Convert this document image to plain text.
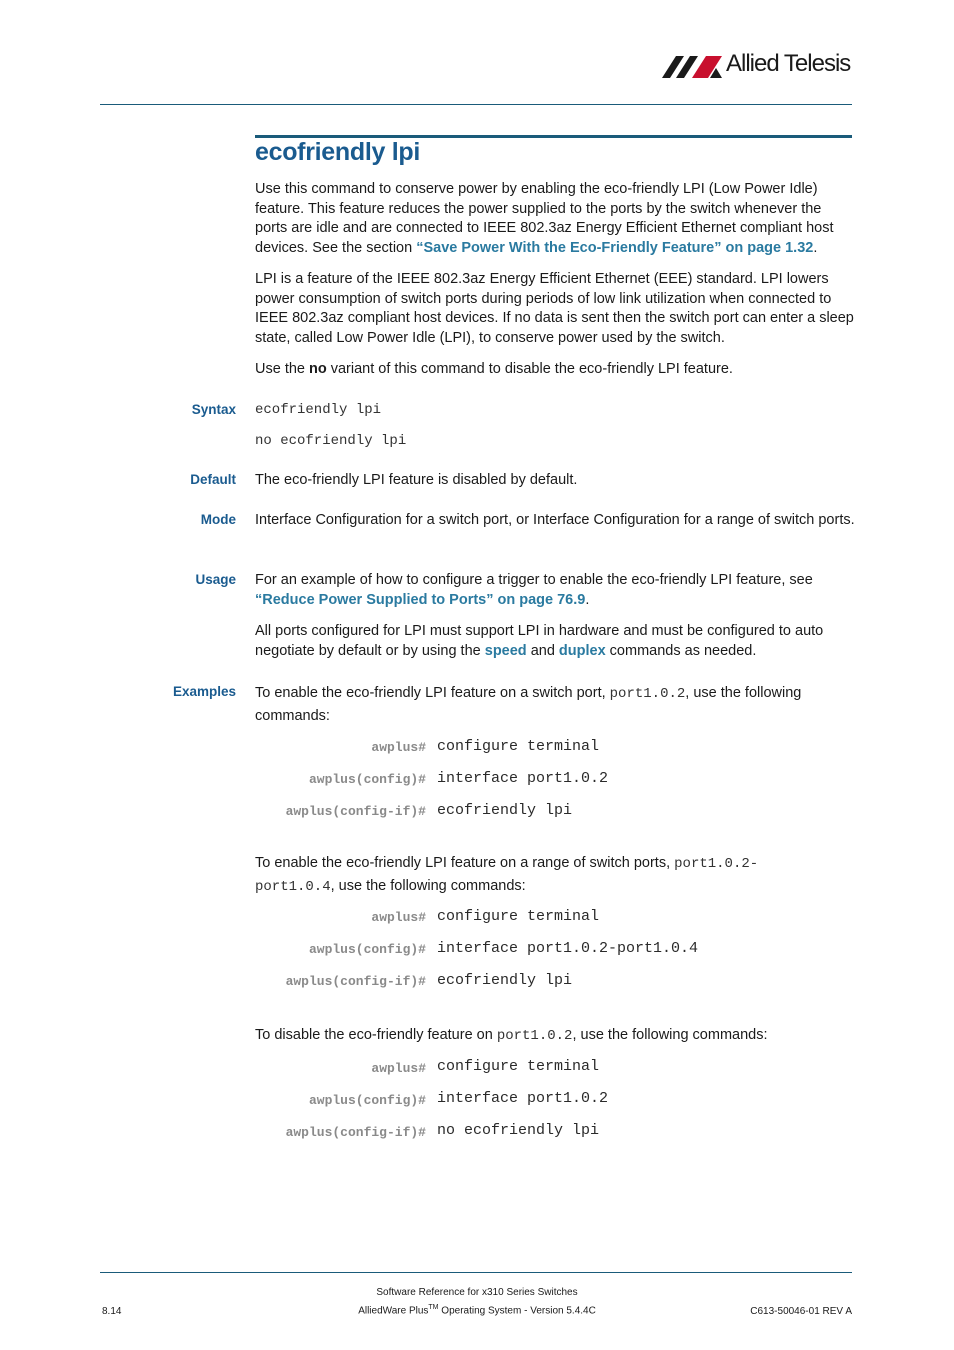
Allied Telesis
ecofriendly lpi

Use this command to conserve power by enabling the eco-friendly LPI (Low Power Idle) feature. This feature reduces the power supplied to the ports by the switch whenever the ports are idle and are connected to IEEE 802.3az Energy Efficient Ethernet compliant host devices. See the section “Save Power With the Eco-Friendly Feature” on page 1.32.

LPI is a feature of the IEEE 802.3az Energy Efficient Ethernet (EEE) standard. LPI lowers power consumption of switch ports during periods of low link utilization when connected to IEEE 802.3az compliant host devices. If no data is sent then the switch port can enter a sleep state, called Low Power Idle (LPI), to conserve power used by the switch.

Use the no variant of this command to disable the eco-friendly LPI feature.

Syntax ecofriendly lpi
no ecofriendly lpi
Default The eco-friendly LPI feature is disabled by default.

Mode Interface Configuration for a switch port, or Interface Configuration for a range of switch ports.

Usage For an example of how to configure a trigger to enable the eco-friendly LPI feature, see “Reduce Power Supplied to Ports” on page 76.9.

All ports configured for LPI must support LPI in hardware and must be configured to auto negotiate by default or by using the speed and duplex commands as needed.

Examples To enable the eco-friendly LPI feature on a switch port, port1.0.2, use the following commands:

awplus# configure terminal
awplus(config)# interface port1.0.2
awplus(config-if)# ecofriendly lpi

To enable the eco-friendly LPI feature on a range of switch ports, port1.0.2-
port1.0.4, use the following commands:

awplus# configure terminal
awplus(config)# interface port1.0.2-port1.0.4
awplus(config-if)# ecofriendly lpi

To disable the eco-friendly feature on port1.0.2, use the following commands:

awplus# configure terminal
awplus(config)# interface port1.0.2
awplus(config-if)# no ecofriendly lpi
Software Reference for x310 Series Switches
AlliedWare Plus™ Operating System - Version 5.4.4C
8.14	C613-50046-01 REV A
